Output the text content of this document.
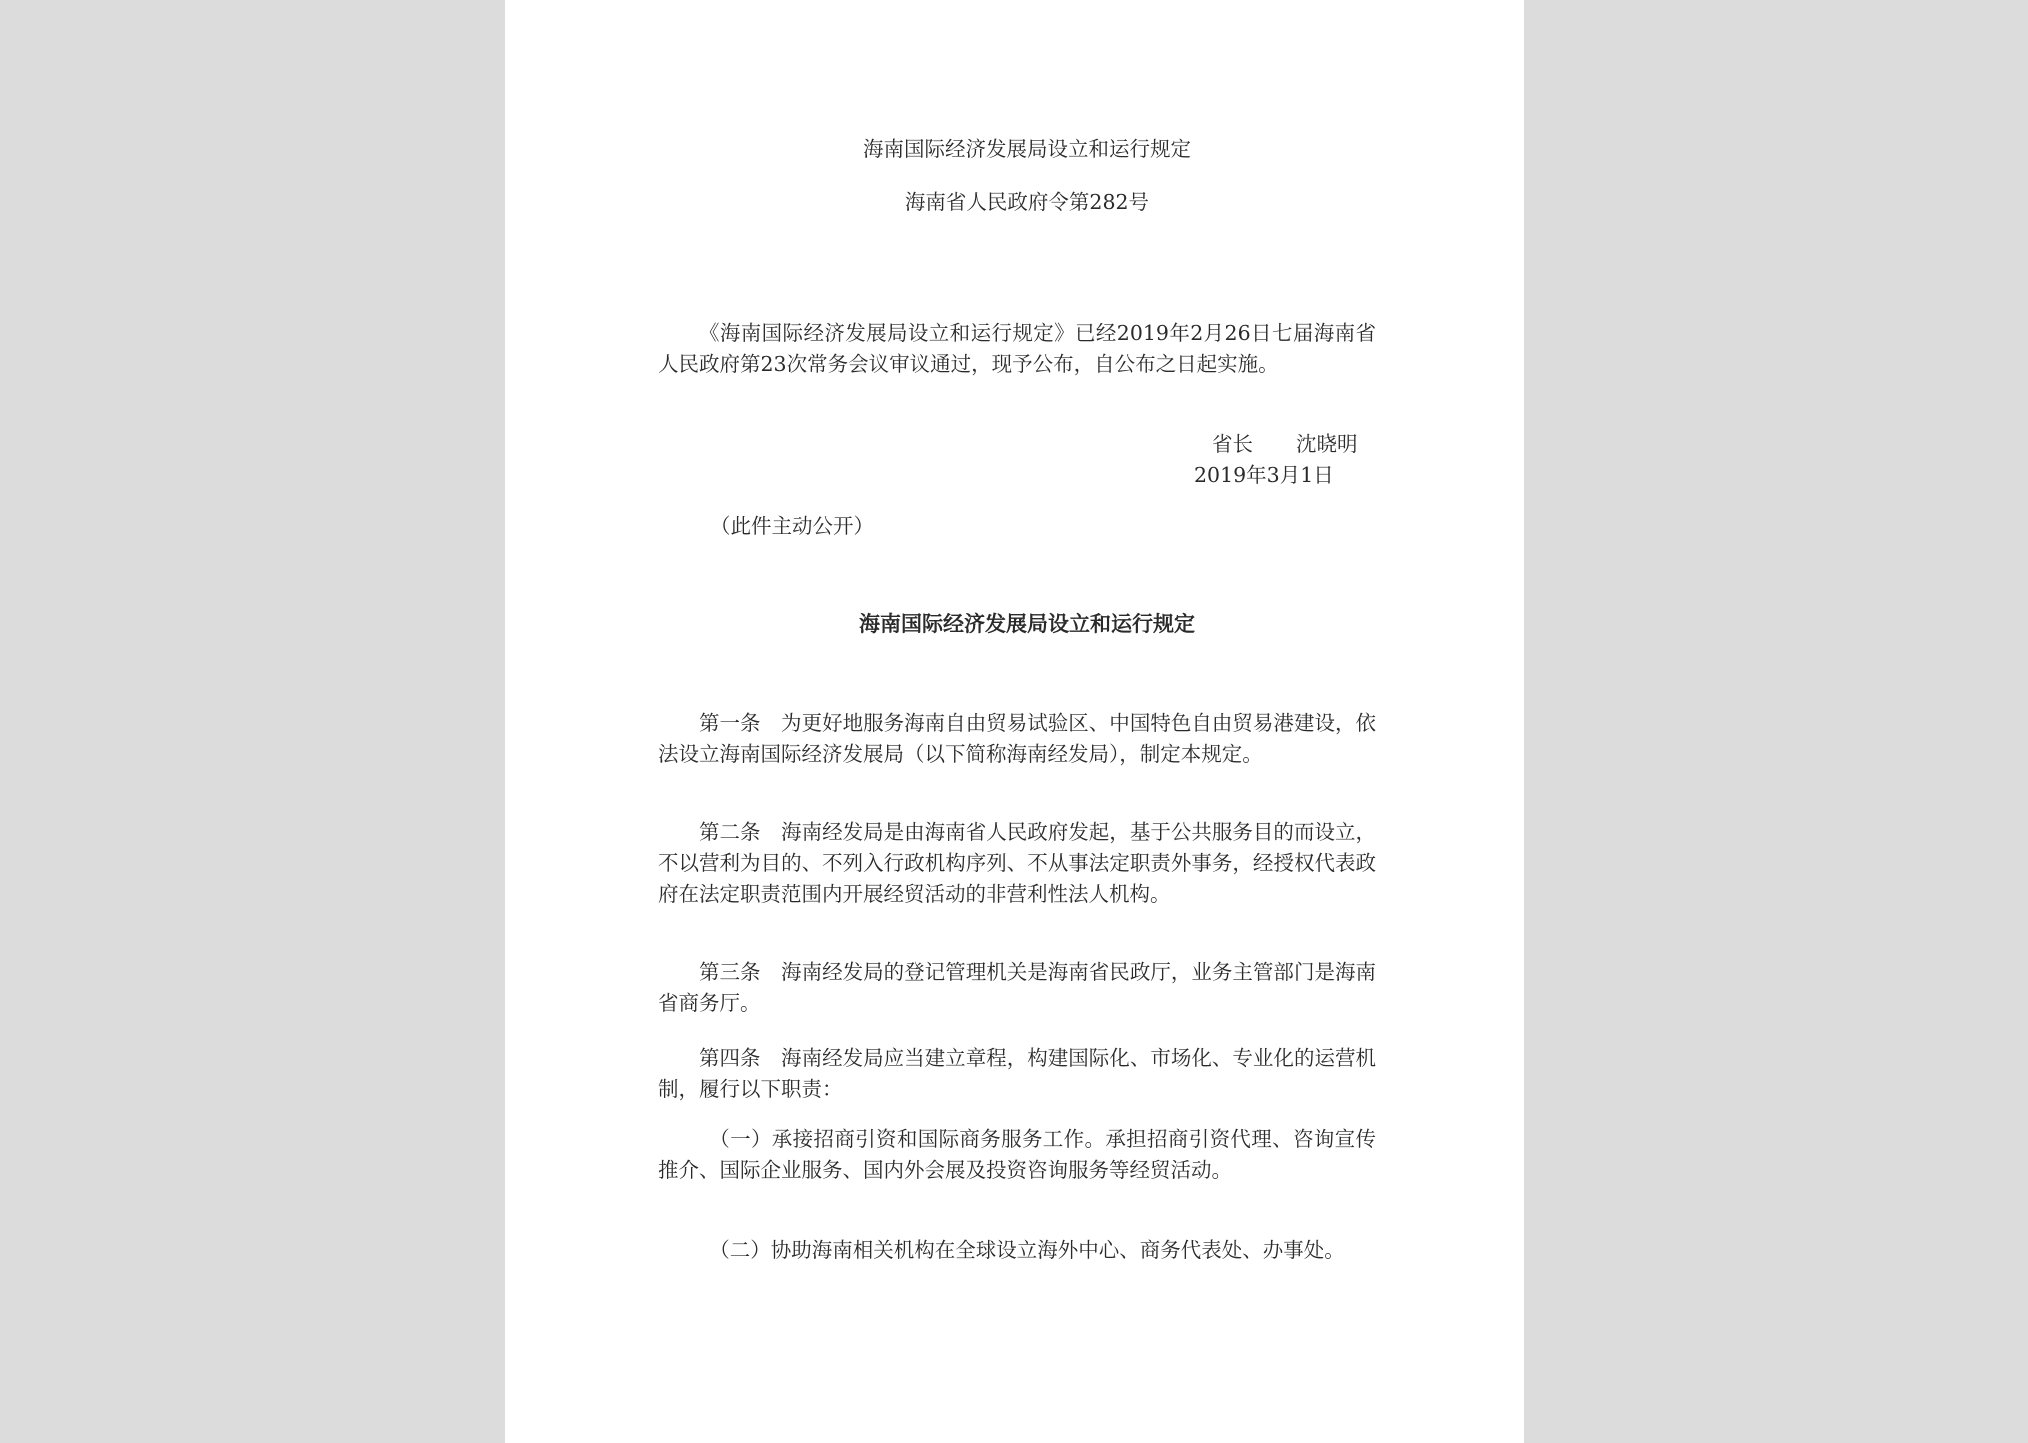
海南国际经济发展局设立和运行规定

海南省人民政府令第282号

《海南国际经济发展局设立和运行规定》已经2019年2月26日七届海南省人民政府第23次常务会议审议通过，现予公布，自公布之日起实施。

省长 沈晓明

2019年3月1日

（此件主动公开）

海南国际经济发展局设立和运行规定

第一条　为更好地服务海南自由贸易试验区、中国特色自由贸易港建设，依法设立海南国际经济发展局（以下简称海南经发局），制定本规定。

第二条　海南经发局是由海南省人民政府发起，基于公共服务目的而设立，不以营利为目的、不列入行政机构序列、不从事法定职责外事务，经授权代表政府在法定职责范围内开展经贸活动的非营利性法人机构。

第三条　海南经发局的登记管理机关是海南省民政厅，业务主管部门是海南省商务厅。

第四条　海南经发局应当建立章程，构建国际化、市场化、专业化的运营机制，履行以下职责：

（一）承接招商引资和国际商务服务工作。承担招商引资代理、咨询宣传推介、国际企业服务、国内外会展及投资咨询服务等经贸活动。

（二）协助海南相关机构在全球设立海外中心、商务代表处、办事处。
